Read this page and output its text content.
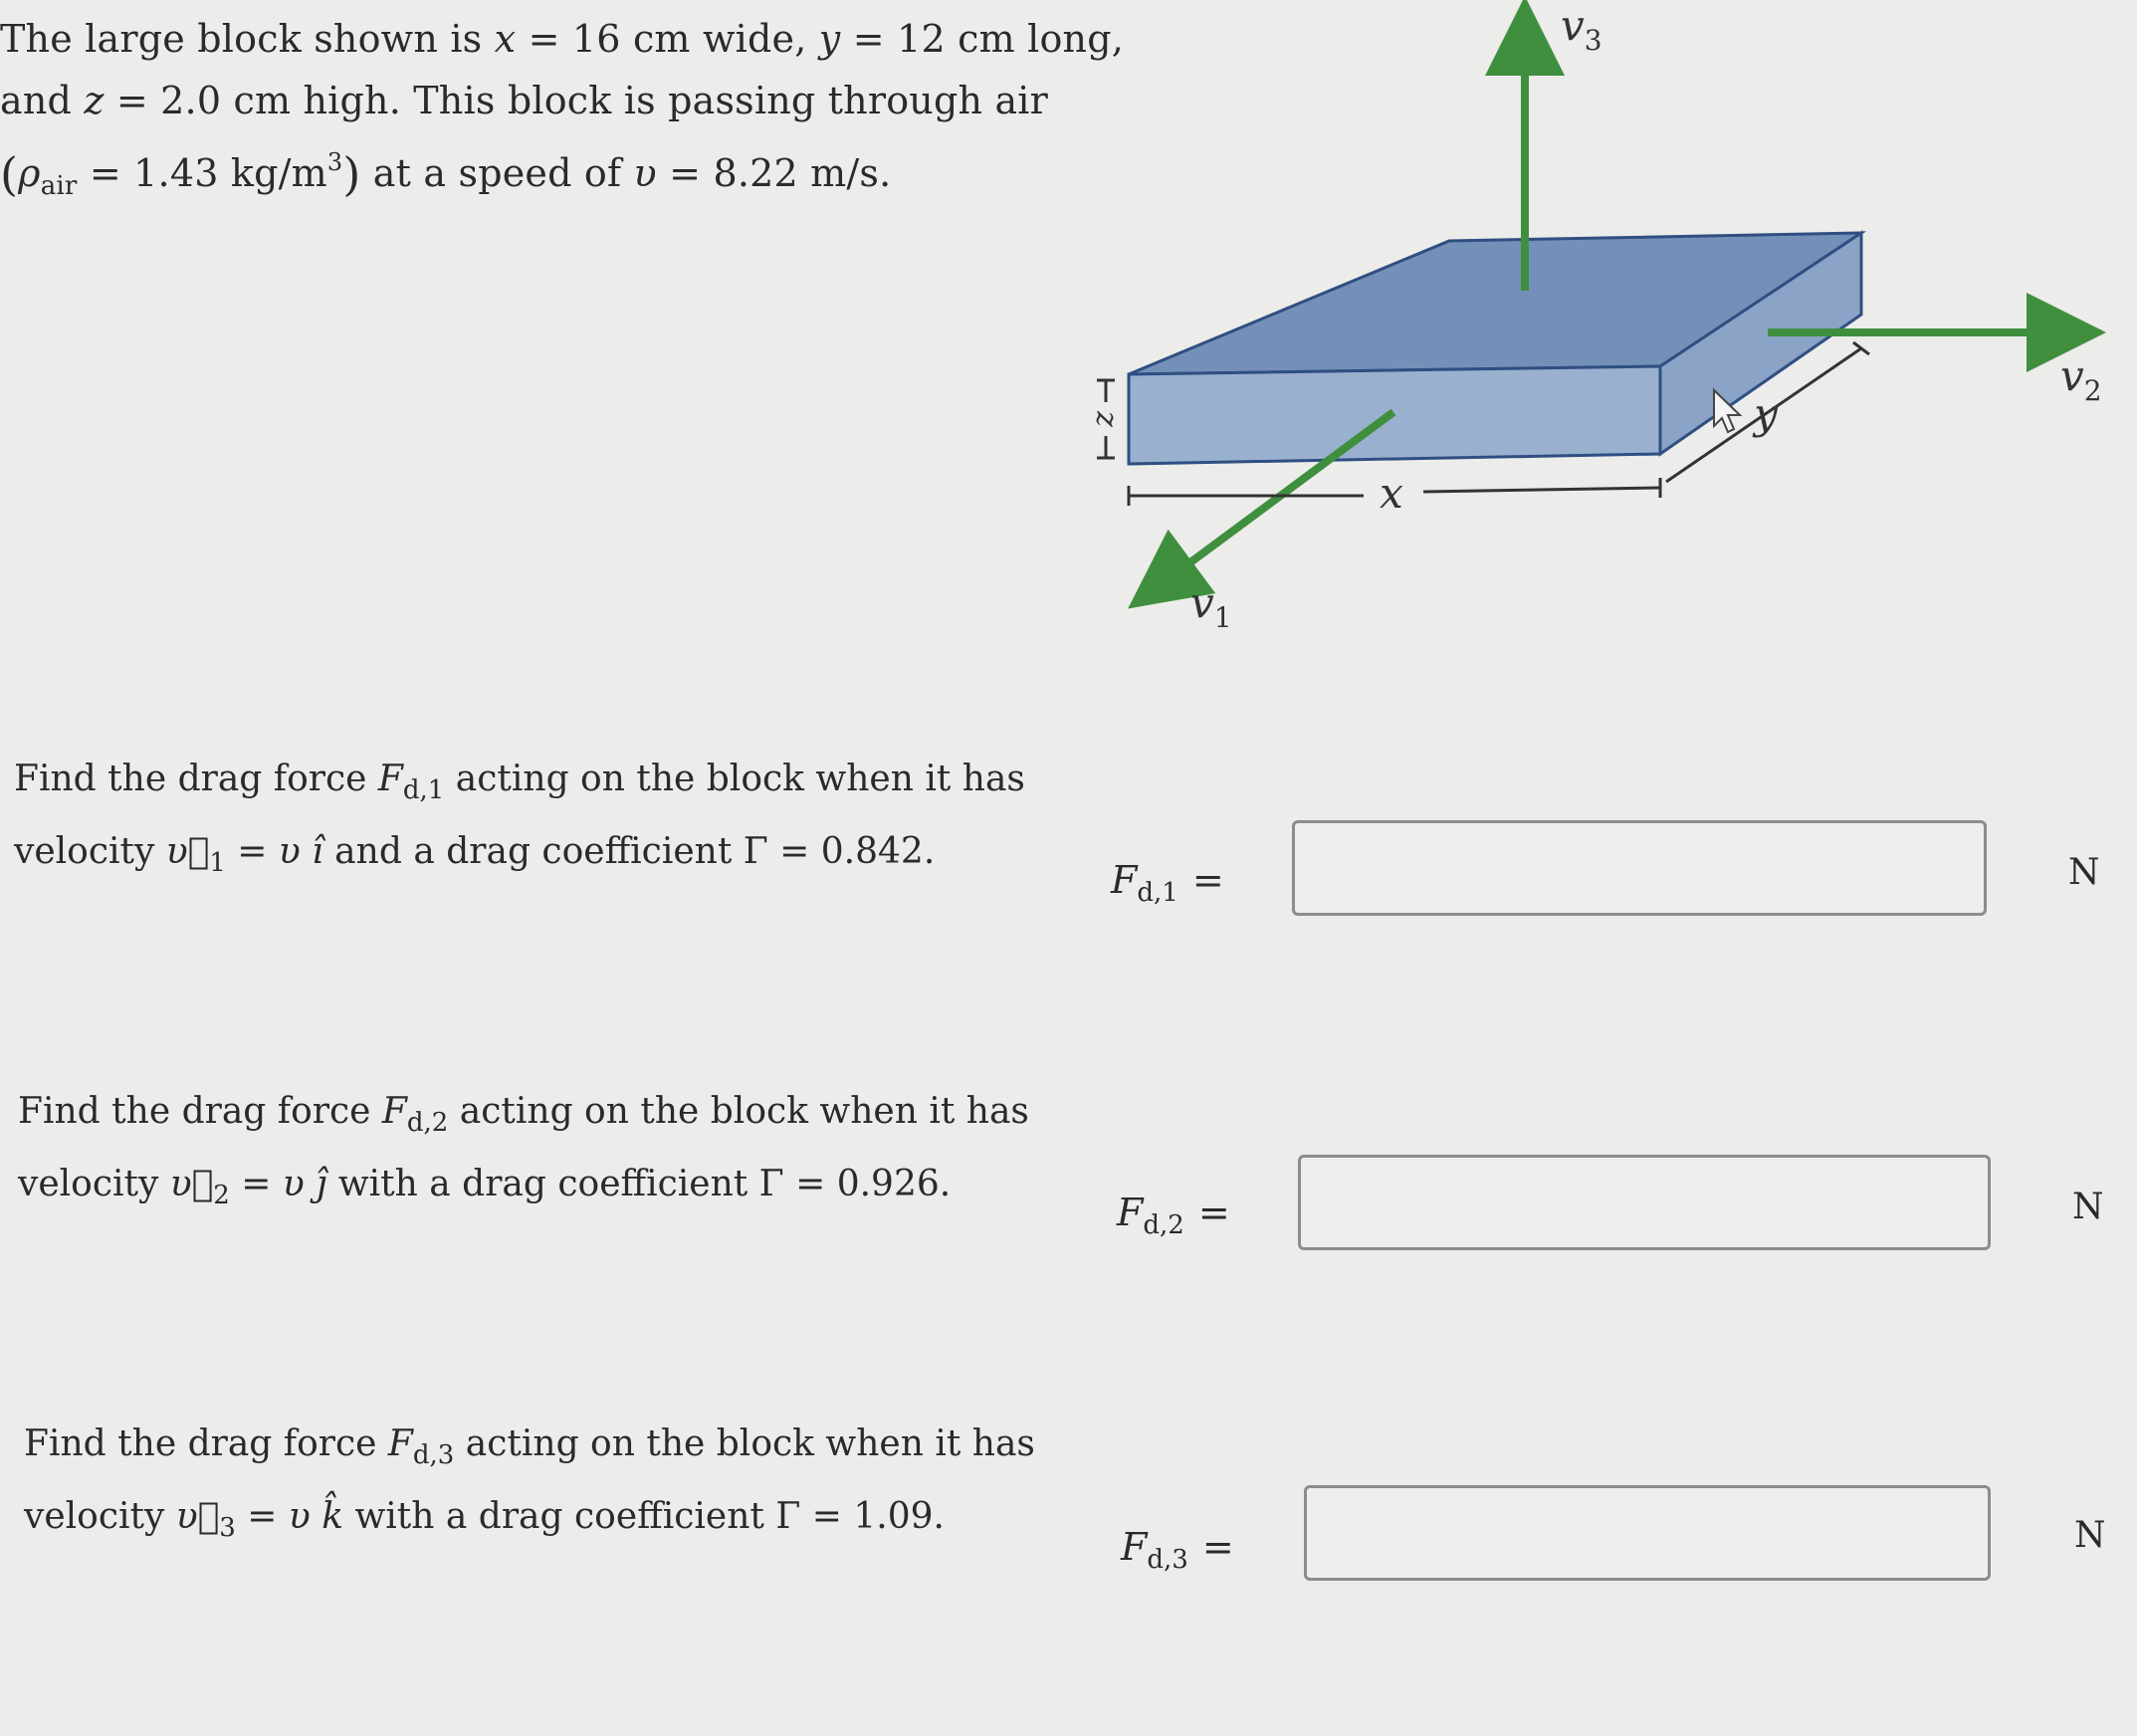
The large block shown is x = 16 cm wide, y = 12 cm long,
and z = 2.0 cm high. This block is passing through air
($\rho_{air} = 1.43$ $kg/m^3$) at a speed of υ = 8.22 m/s.
z
x
y
$v_1$
$v_2$
$v_3$
Find the drag force $F_{d,1}$ acting on the block when it has
velocity $\upsilon⃗_1 = \upsilon$ î and a drag coefficient Γ = 0.842.
Find the drag force $F_{d,2}$ acting on the block when it has
velocity $\upsilon⃗_2 = \upsilon$ ĵ with a drag coefficient Γ = 0.926.
Find the drag force $F_{d,3}$ acting on the block when it has
velocity $\upsilon⃗_3 = \upsilon$ k̂ with a drag coefficient Γ = 1.09.
$F_{d,1}$ =
$F_{d,2}$ =
$F_{d,3}$ =
N
N
N
